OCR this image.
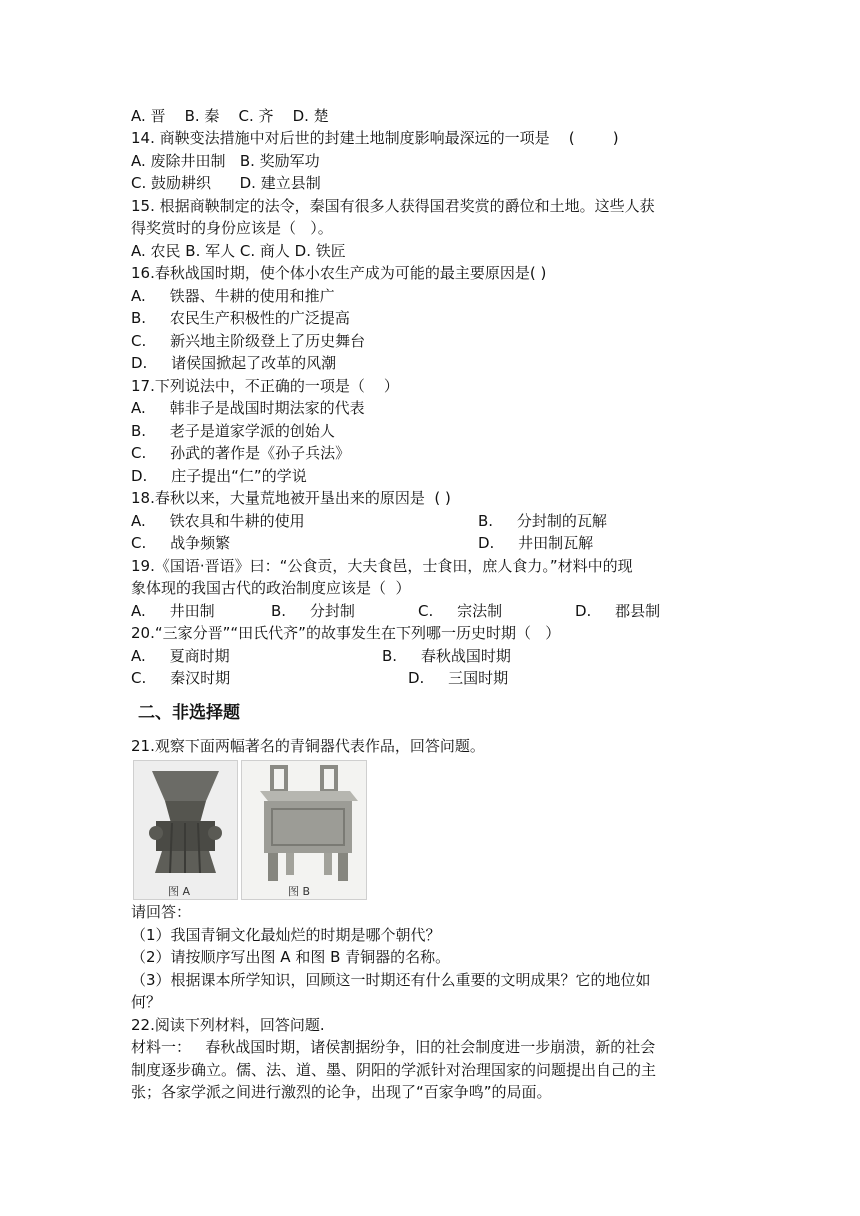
A. 晋    B. 秦    C. 齐    D. 楚
14. 商鞅变法措施中对后世的封建土地制度影响最深远的一项是    (        )
A. 废除井田制   B. 奖励军功
C. 鼓励耕织      D. 建立县制
15. 根据商鞅制定的法令，秦国有很多人获得国君奖赏的爵位和土地。这些人获
得奖赏时的身份应该是（   ）。
A. 农民 B. 军人 C. 商人 D. 铁匠
16.春秋战国时期，使个体小农生产成为可能的最主要原因是( )
A.     铁器、牛耕的使用和推广
B.     农民生产积极性的广泛提高
C.     新兴地主阶级登上了历史舞台
D.     诸侯国掀起了改革的风潮
17.下列说法中，不正确的一项是（    ）
A.     韩非子是战国时期法家的代表
B.     老子是道家学派的创始人
C.     孙武的著作是《孙子兵法》
D.     庄子提出“仁”的学说
18.春秋以来，大量荒地被开垦出来的原因是  ( )
A.     铁农具和牛耕的使用	B.     分封制的瓦解
C.     战争频繁	D.     井田制瓦解
19.《国语·晋语》曰：“公食贡，大夫食邑，士食田，庶人食力。”材料中的现
象体现的我国古代的政治制度应该是（  ）
A.     井田制	B.     分封制	C.     宗法制	D.     郡县制
20.“三家分晋”“田氏代齐”的故事发生在下列哪一历史时期（   ）
A.     夏商时期	B.     春秋战国时期
C.     秦汉时期	D.     三国时期
二、非选择题
21.观察下面两幅著名的青铜器代表作品，回答问题。
图 A	图 B
请回答：
（1）我国青铜文化最灿烂的时期是哪个朝代？
（2）请按顺序写出图 A 和图 B 青铜器的名称。
（3）根据课本所学知识，回顾这一时期还有什么重要的文明成果？它的地位如
何？
22.阅读下列材料，回答问题.
材料一：   春秋战国时期，诸侯割据纷争，旧的社会制度进一步崩溃，新的社会
制度逐步确立。儒、法、道、墨、阴阳的学派针对治理国家的问题提出自己的主
张；各家学派之间进行激烈的论争，出现了“百家争鸣”的局面。
